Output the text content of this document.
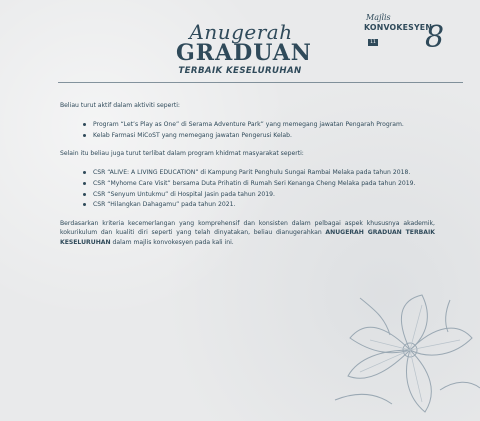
Anugerah
GRADUAN
TERBAIK KESELURUHAN
Majlis
KONVOKESYEN
11 8

Beliau turut aktif dalam aktiviti seperti:

Program “Let’s Play as One” di Serama Adventure Park” yang memegang jawatan Pengarah Program.
Kelab Farmasi MiCoST yang memegang jawatan Pengerusi Kelab.

Selain itu beliau juga turut terlibat dalam program khidmat masyarakat seperti:

CSR “ALIVE: A LIVING EDUCATION” di Kampung Parit Penghulu Sungai Rambai Melaka pada tahun 2018.
CSR “Myhome Care Visit” bersama Duta Prihatin di Rumah Seri Kenanga Cheng Melaka pada tahun 2019.
CSR “Senyum Untukmu” di Hospital Jasin pada tahun 2019.
CSR “Hilangkan Dahagamu” pada tahun 2021.

Berdasarkan kriteria kecemerlangan yang komprehensif dan konsisten dalam pelbagai aspek khususnya akademik, kokurikulum dan kualiti diri seperti yang telah dinyatakan, beliau dianugerahkan ANUGERAH GRADUAN TERBAIK KESELURUHAN dalam majlis konvokesyen pada kali ini.
